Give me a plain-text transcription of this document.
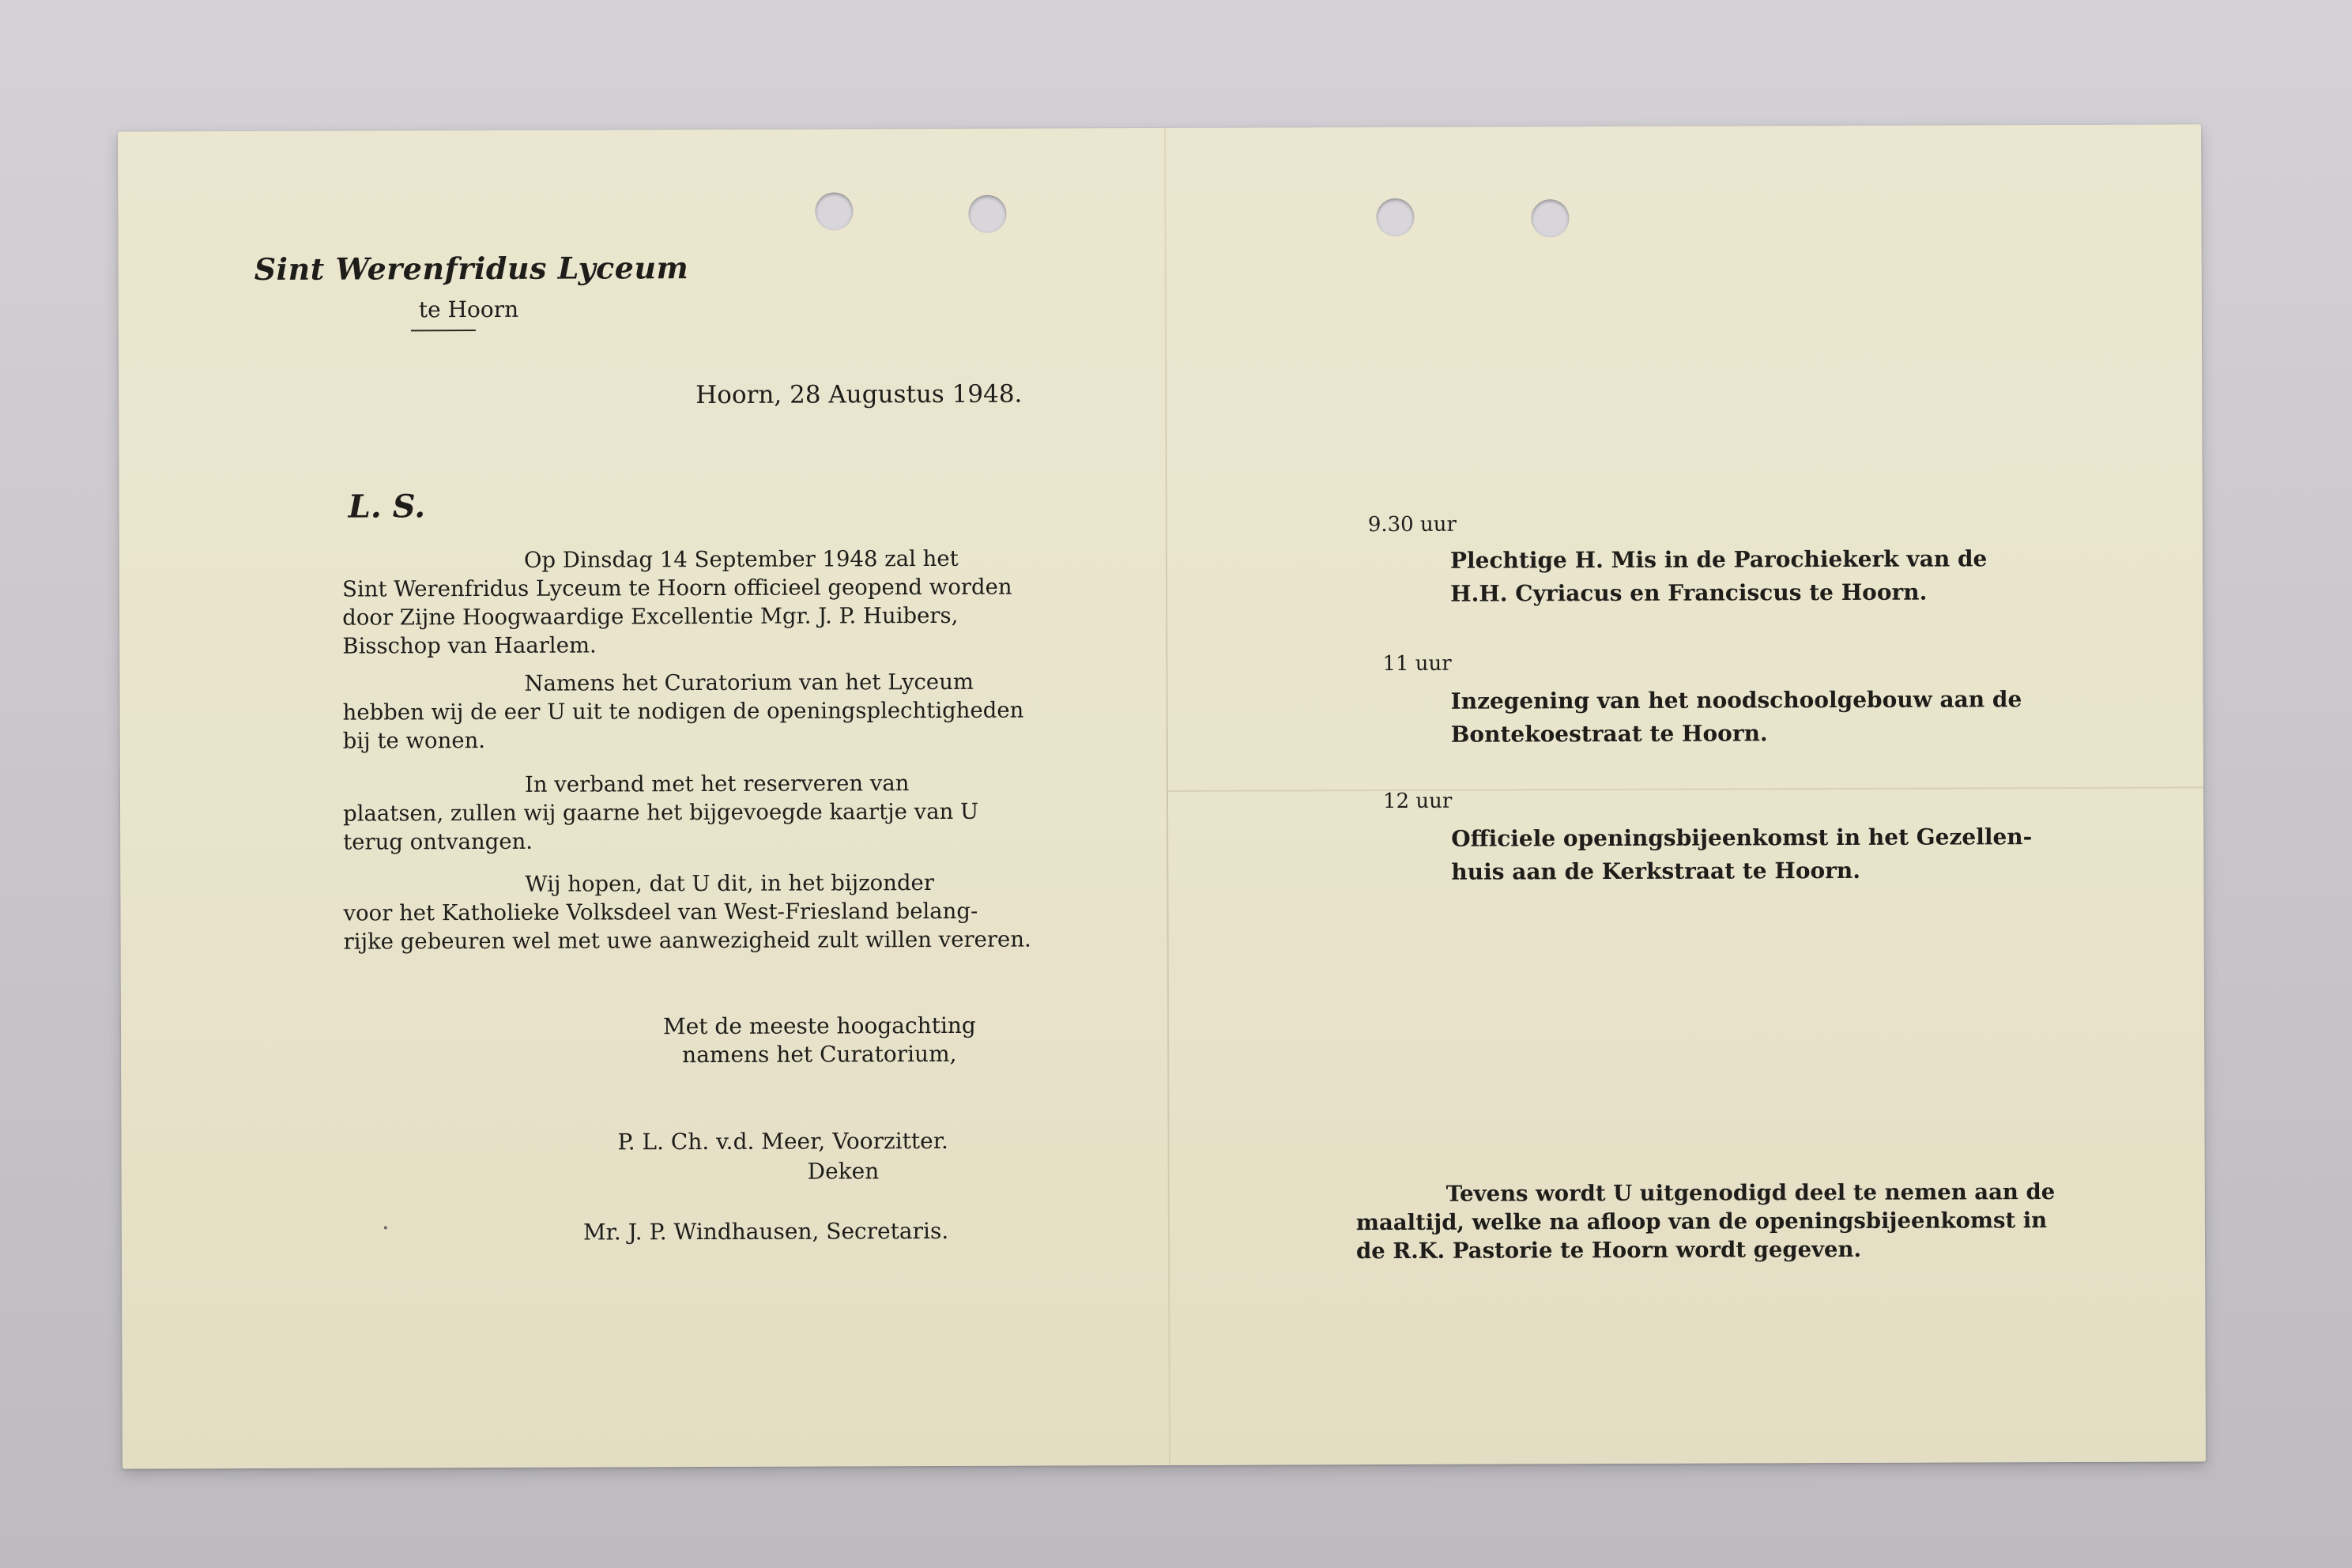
Sint Werenfridus Lyceum
te Hoorn
Hoorn, 28 Augustus 1948.
L. S.
Op Dinsdag 14 September 1948 zal het
Sint Werenfridus Lyceum te Hoorn officieel geopend worden
door Zijne Hoogwaardige Excellentie Mgr. J. P. Huibers,
Bisschop van Haarlem.
Namens het Curatorium van het Lyceum
hebben wij de eer U uit te nodigen de openingsplechtigheden
bij te wonen.
In verband met het reserveren van
plaatsen, zullen wij gaarne het bijgevoegde kaartje van U
terug ontvangen.
Wij hopen, dat U dit, in het bijzonder
voor het Katholieke Volksdeel van West-Friesland belang-
rijke gebeuren wel met uwe aanwezigheid zult willen vereren.
Met de meeste hoogachting
namens het Curatorium,
P. L. Ch. v.d. Meer, Voorzitter.
Deken
Mr. J. P. Windhausen, Secretaris.
9.30 uur
Plechtige H. Mis in de Parochiekerk van de
H.H. Cyriacus en Franciscus te Hoorn.
11 uur
Inzegening van het noodschoolgebouw aan de
Bontekoestraat te Hoorn.
12 uur
Officiele openingsbijeenkomst in het Gezellen-
huis aan de Kerkstraat te Hoorn.
Tevens wordt U uitgenodigd deel te nemen aan de
maaltijd, welke na afloop van de openingsbijeenkomst in
de R.K. Pastorie te Hoorn wordt gegeven.
